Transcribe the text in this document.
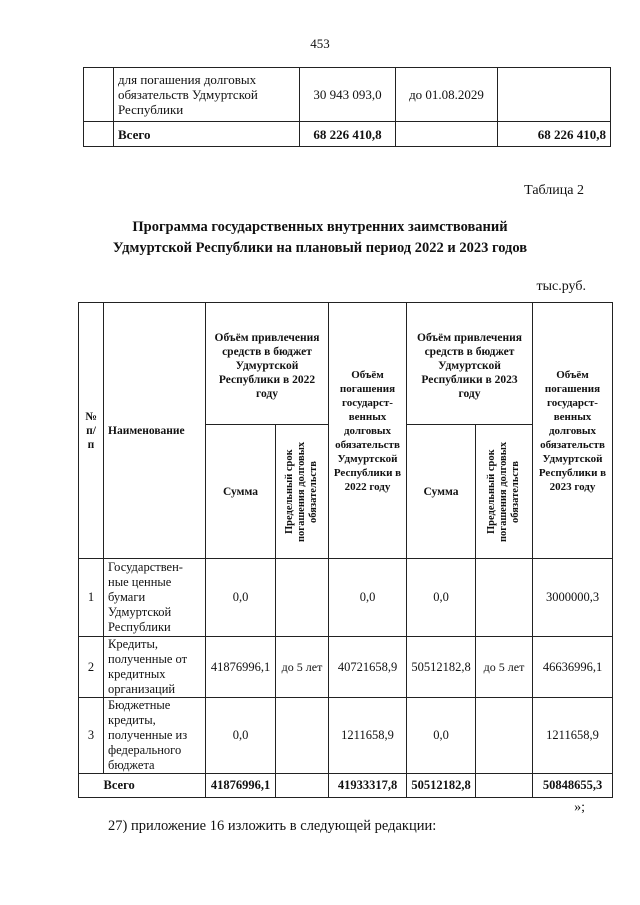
453
	для погашения долговых обязательств Удмуртской Республики	30 943 093,0	до 01.08.2029	
	Всего	68 226 410,8		68 226 410,8
Таблица 2
Программа государственных внутренних заимствований Удмуртской Республики на плановый период 2022 и 2023 годов
тыс.руб.
№ п/п	Наименование	Объём привлечения средств в бюджет Удмуртской Республики в 2022 году		Объём погашения государст-венных долговых обязательств Удмуртской Республики в 2022 году	Объём привлечения средств в бюджет Удмуртской Республики в 2023 году		Объём погашения государст-венных долговых обязательств Удмуртской Республики в 2023 году
		Сумма	Предельный срок погашения долговых обязательств		Сумма	Предельный срок погашения долговых обязательств	

1	Государствен-ные ценные бумаги Удмуртской Республики	0,0		0,0	0,0		3000000,3
2	Кредиты, полученные от кредитных организаций	41876996,1	до 5 лет	40721658,9	50512182,8	до 5 лет	46636996,1
3	Бюджетные кредиты, полученные из федерального бюджета	0,0		1211658,9	0,0		1211658,9
	Всего	41876996,1		41933317,8	50512182,8		50848655,3
»;
27) приложение 16 изложить в следующей редакции:
